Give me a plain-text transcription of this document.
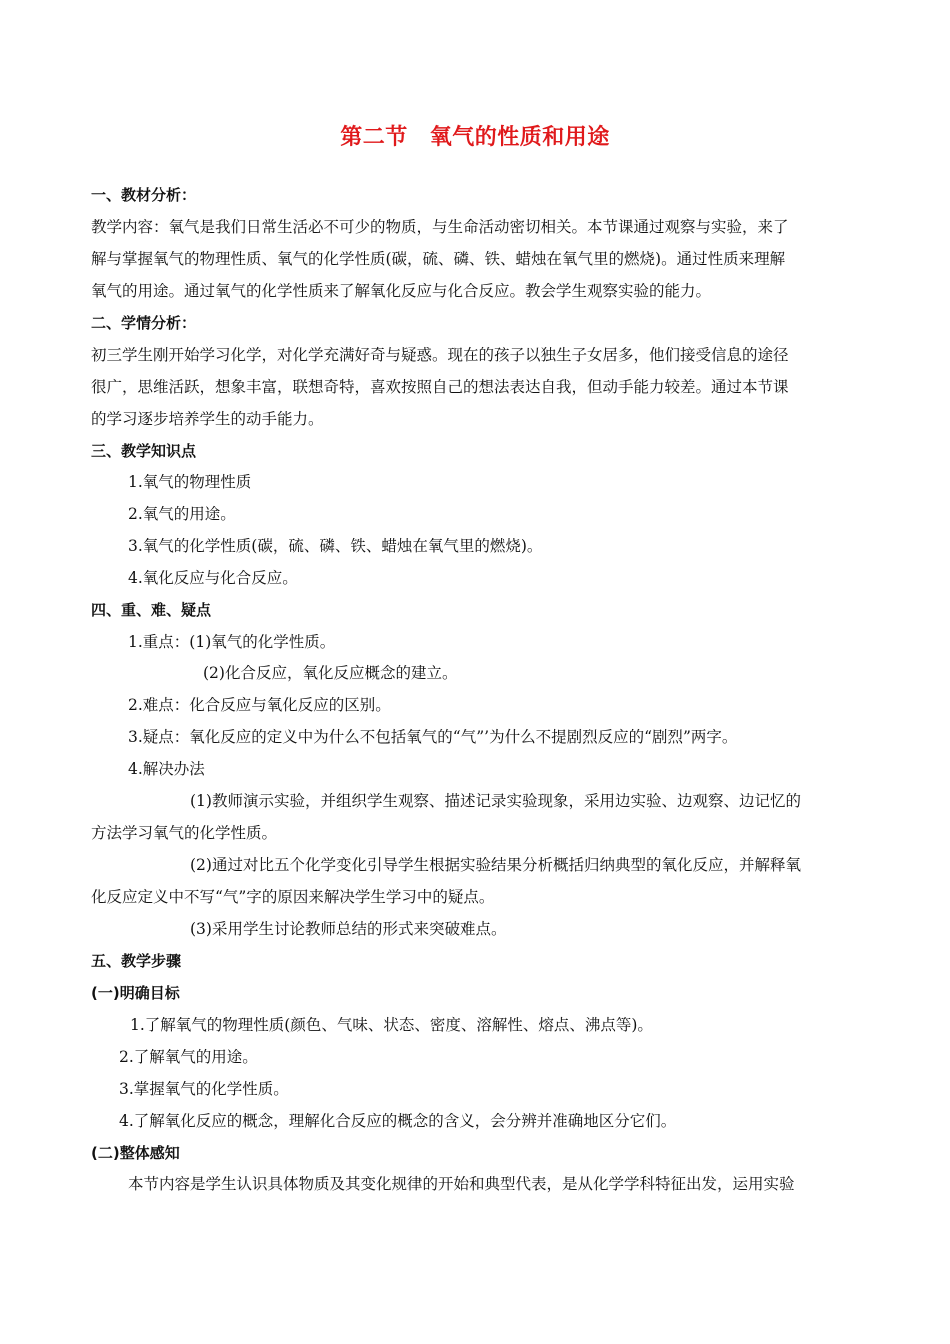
第二节 氧气的性质和用途
一、教材分析：
教学内容：氧气是我们日常生活必不可少的物质，与生命活动密切相关。本节课通过观察与实验，来了
解与掌握氧气的物理性质、氧气的化学性质(碳，硫、磷、铁、蜡烛在氧气里的燃烧)。通过性质来理解
氧气的用途。通过氧气的化学性质来了解氧化反应与化合反应。教会学生观察实验的能力。
二、学情分析：
初三学生刚开始学习化学，对化学充满好奇与疑惑。现在的孩子以独生子女居多，他们接受信息的途径
很广，思维活跃，想象丰富，联想奇特，喜欢按照自己的想法表达自我，但动手能力较差。通过本节课
的学习逐步培养学生的动手能力。
三、教学知识点
1.氧气的物理性质
2.氧气的用途。
3.氧气的化学性质(碳，硫、磷、铁、蜡烛在氧气里的燃烧)。
4.氧化反应与化合反应。
四、重、难、疑点
1.重点：(1)氧气的化学性质。
(2)化合反应，氧化反应概念的建立。
2.难点：化合反应与氧化反应的区别。
3.疑点：氧化反应的定义中为什么不包括氧气的“气”’为什么不提剧烈反应的“剧烈”两字。
4.解决办法
(1)教师演示实验，并组织学生观察、描述记录实验现象，采用边实验、边观察、边记忆的
方法学习氧气的化学性质。
(2)通过对比五个化学变化引导学生根据实验结果分析概括归纳典型的氧化反应，并解释氧
化反应定义中不写“气”字的原因来解决学生学习中的疑点。
(3)采用学生讨论教师总结的形式来突破难点。
五、教学步骤
(一)明确目标
1.了解氧气的物理性质(颜色、气味、状态、密度、溶解性、熔点、沸点等)。
2.了解氧气的用途。
3.掌握氧气的化学性质。
4.了解氧化反应的概念，理解化合反应的概念的含义，会分辨并准确地区分它们。
(二)整体感知
本节内容是学生认识具体物质及其变化规律的开始和典型代表，是从化学学科特征出发，运用实验
